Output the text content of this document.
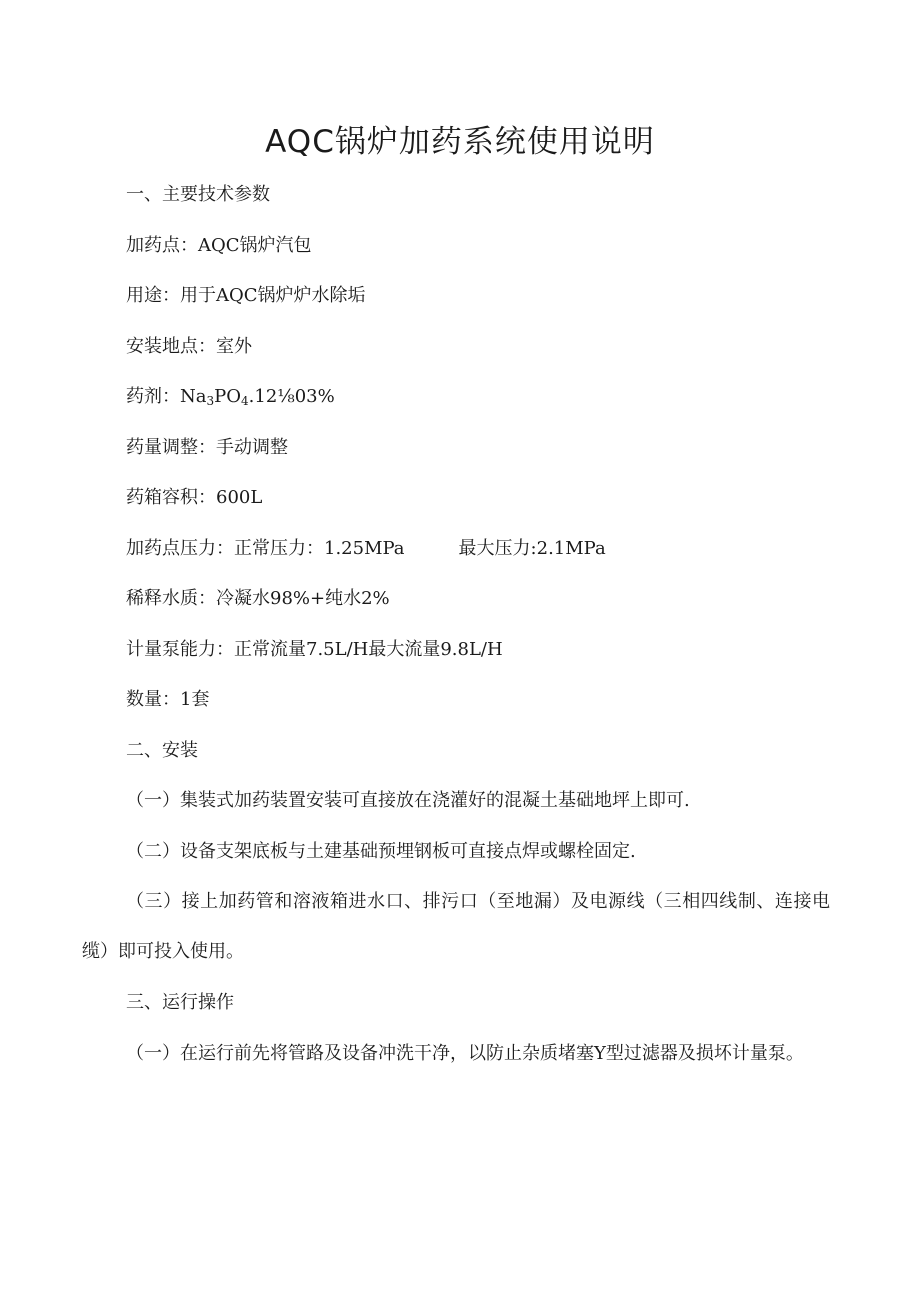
AQC锅炉加药系统使用说明

一、主要技术参数

加药点：AQC锅炉汽包

用途：用于AQC锅炉炉水除垢

安装地点：室外

药剂：$Na_3PO_4.12\frac{1}{8}03\%$

药量调整：手动调整

药箱容积：600L

加药点压力：正常压力：1.25MPa	最大压力:2.1MPa

稀释水质：冷凝水98%+纯水2%

计量泵能力：正常流量7.5L/H最大流量9.8L/H

数量：1套

二、安装

（一）集装式加药装置安装可直接放在浇灌好的混凝土基础地坪上即可.

（二）设备支架底板与土建基础预埋钢板可直接点焊或螺栓固定.

（三）接上加药管和溶液箱进水口、排污口（至地漏）及电源线（三相四线制、连接电缆）即可投入使用。

三、运行操作

（一）在运行前先将管路及设备冲洗干净，以防止杂质堵塞Y型过滤器及损坏计量泵。
